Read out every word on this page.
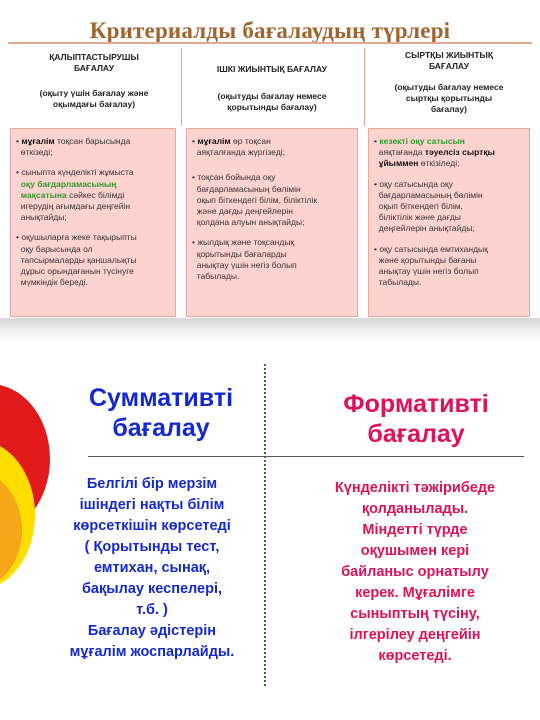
Критериалды бағалаудың түрлері
ҚАЛЫПТАСТЫРУШЫ
БАҒАЛАУ
(оқыту үшін бағалау және
оқымдағы бағалау)
ІШКІ ЖИЫНТЫҚ БАҒАЛАУ
(оқытуды бағалау немесе
қорытынды бағалау)
СЫРТҚЫ ЖИЫНТЫҚ
БАҒАЛАУ
(оқытуды бағалау немесе
сыртқы қорытынды
бағалау)

• мұғалім тоқсан барысында
өткізеді;

• сыныпта күнделікті жұмыста
оқу бағдарламасының
мақсатына сәйкес білімді
игерудің ағымдағы деңгейін
анықтайды;

• оқушыларға жеке тақырыпты
оқу барысында ол
тапсырмаларды қаншалықты
дұрыс орындағанын түсінуге
мүмкіндік береді.

• мұғалім өр тоқсан
аяқталғанда жүргізеді;

• тоқсан бойында оқу
бағдарламасының бөлімін
оқып біткендегі білім, біліктілік
және дағды деңгейлерін
қолдана алуын анықтайды;

• жылдық және тоқсандық
қорытынды бағаларды
анықтау үшін негіз болып
табылады.

• кезекті оқу сатысын
аяқтағанда тәуелсіз сыртқы
ұйыммен өткізіледі;

• оқу сатысында оқу
бағдарламасының бөлімін
оқып біткендегі білім,
біліктілік және дағды
деңгейлерін анықтайды;

• оқу сатысында емтихандық
және қорытынды бағаны
анықтау үшін негіз болып
табылады.

Суммативті
бағалау
Формативті
бағалау
Белгілі бір мерзім
ішіндегі нақты білім
көрсеткішін көрсетеді
( Қорытынды тест,
емтихан, сынақ,
бақылау кеспелері,
т.б. )
Бағалау әдістерін
мұғалім жоспарлайды.
Күнделікті тәжірибеде
қолданылады.
Міндетті түрде
оқушымен кері
байланыс орнатылу
керек. Мұғалімге
сыныптың түсіну,
ілгерілеу деңгейін
көрсетеді.
